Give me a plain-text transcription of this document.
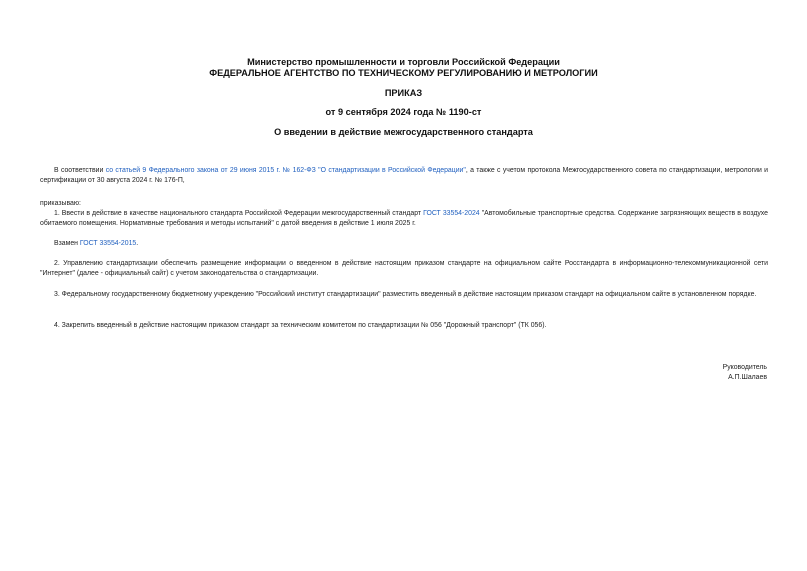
Министерство промышленности и торговли Российской Федерации
ФЕДЕРАЛЬНОЕ АГЕНТСТВО ПО ТЕХНИЧЕСКОМУ РЕГУЛИРОВАНИЮ И МЕТРОЛОГИИ
ПРИКАЗ
от 9 сентября 2024 года № 1190-ст
О введении в действие межгосударственного стандарта

В соответствии со статьей 9 Федерального закона от 29 июня 2015 г. № 162-ФЗ "О стандартизации в Российской Федерации", а также с учетом протокола Межгосударственного совета по стандартизации, метрологии и сертификации от 30 августа 2024 г. № 176-П,

приказываю:

1. Ввести в действие в качестве национального стандарта Российской Федерации межгосударственный стандарт ГОСТ 33554-2024 "Автомобильные транспортные средства. Содержание загрязняющих веществ в воздухе обитаемого помещения. Нормативные требования и методы испытаний" с датой введения в действие 1 июля 2025 г.

Взамен ГОСТ 33554-2015.

2. Управлению стандартизации обеспечить размещение информации о введенном в действие настоящим приказом стандарте на официальном сайте Росстандарта в информационно-телекоммуникационной сети "Интернет" (далее - официальный сайт) с учетом законодательства о стандартизации.

3. Федеральному государственному бюджетному учреждению "Российский институт стандартизации" разместить введенный в действие настоящим приказом стандарт на официальном сайте в установленном порядке.

4. Закрепить введенный в действие настоящим приказом стандарт за техническим комитетом по стандартизации № 056 "Дорожный транспорт" (ТК 056).

Руководитель
А.П.Шалаев
